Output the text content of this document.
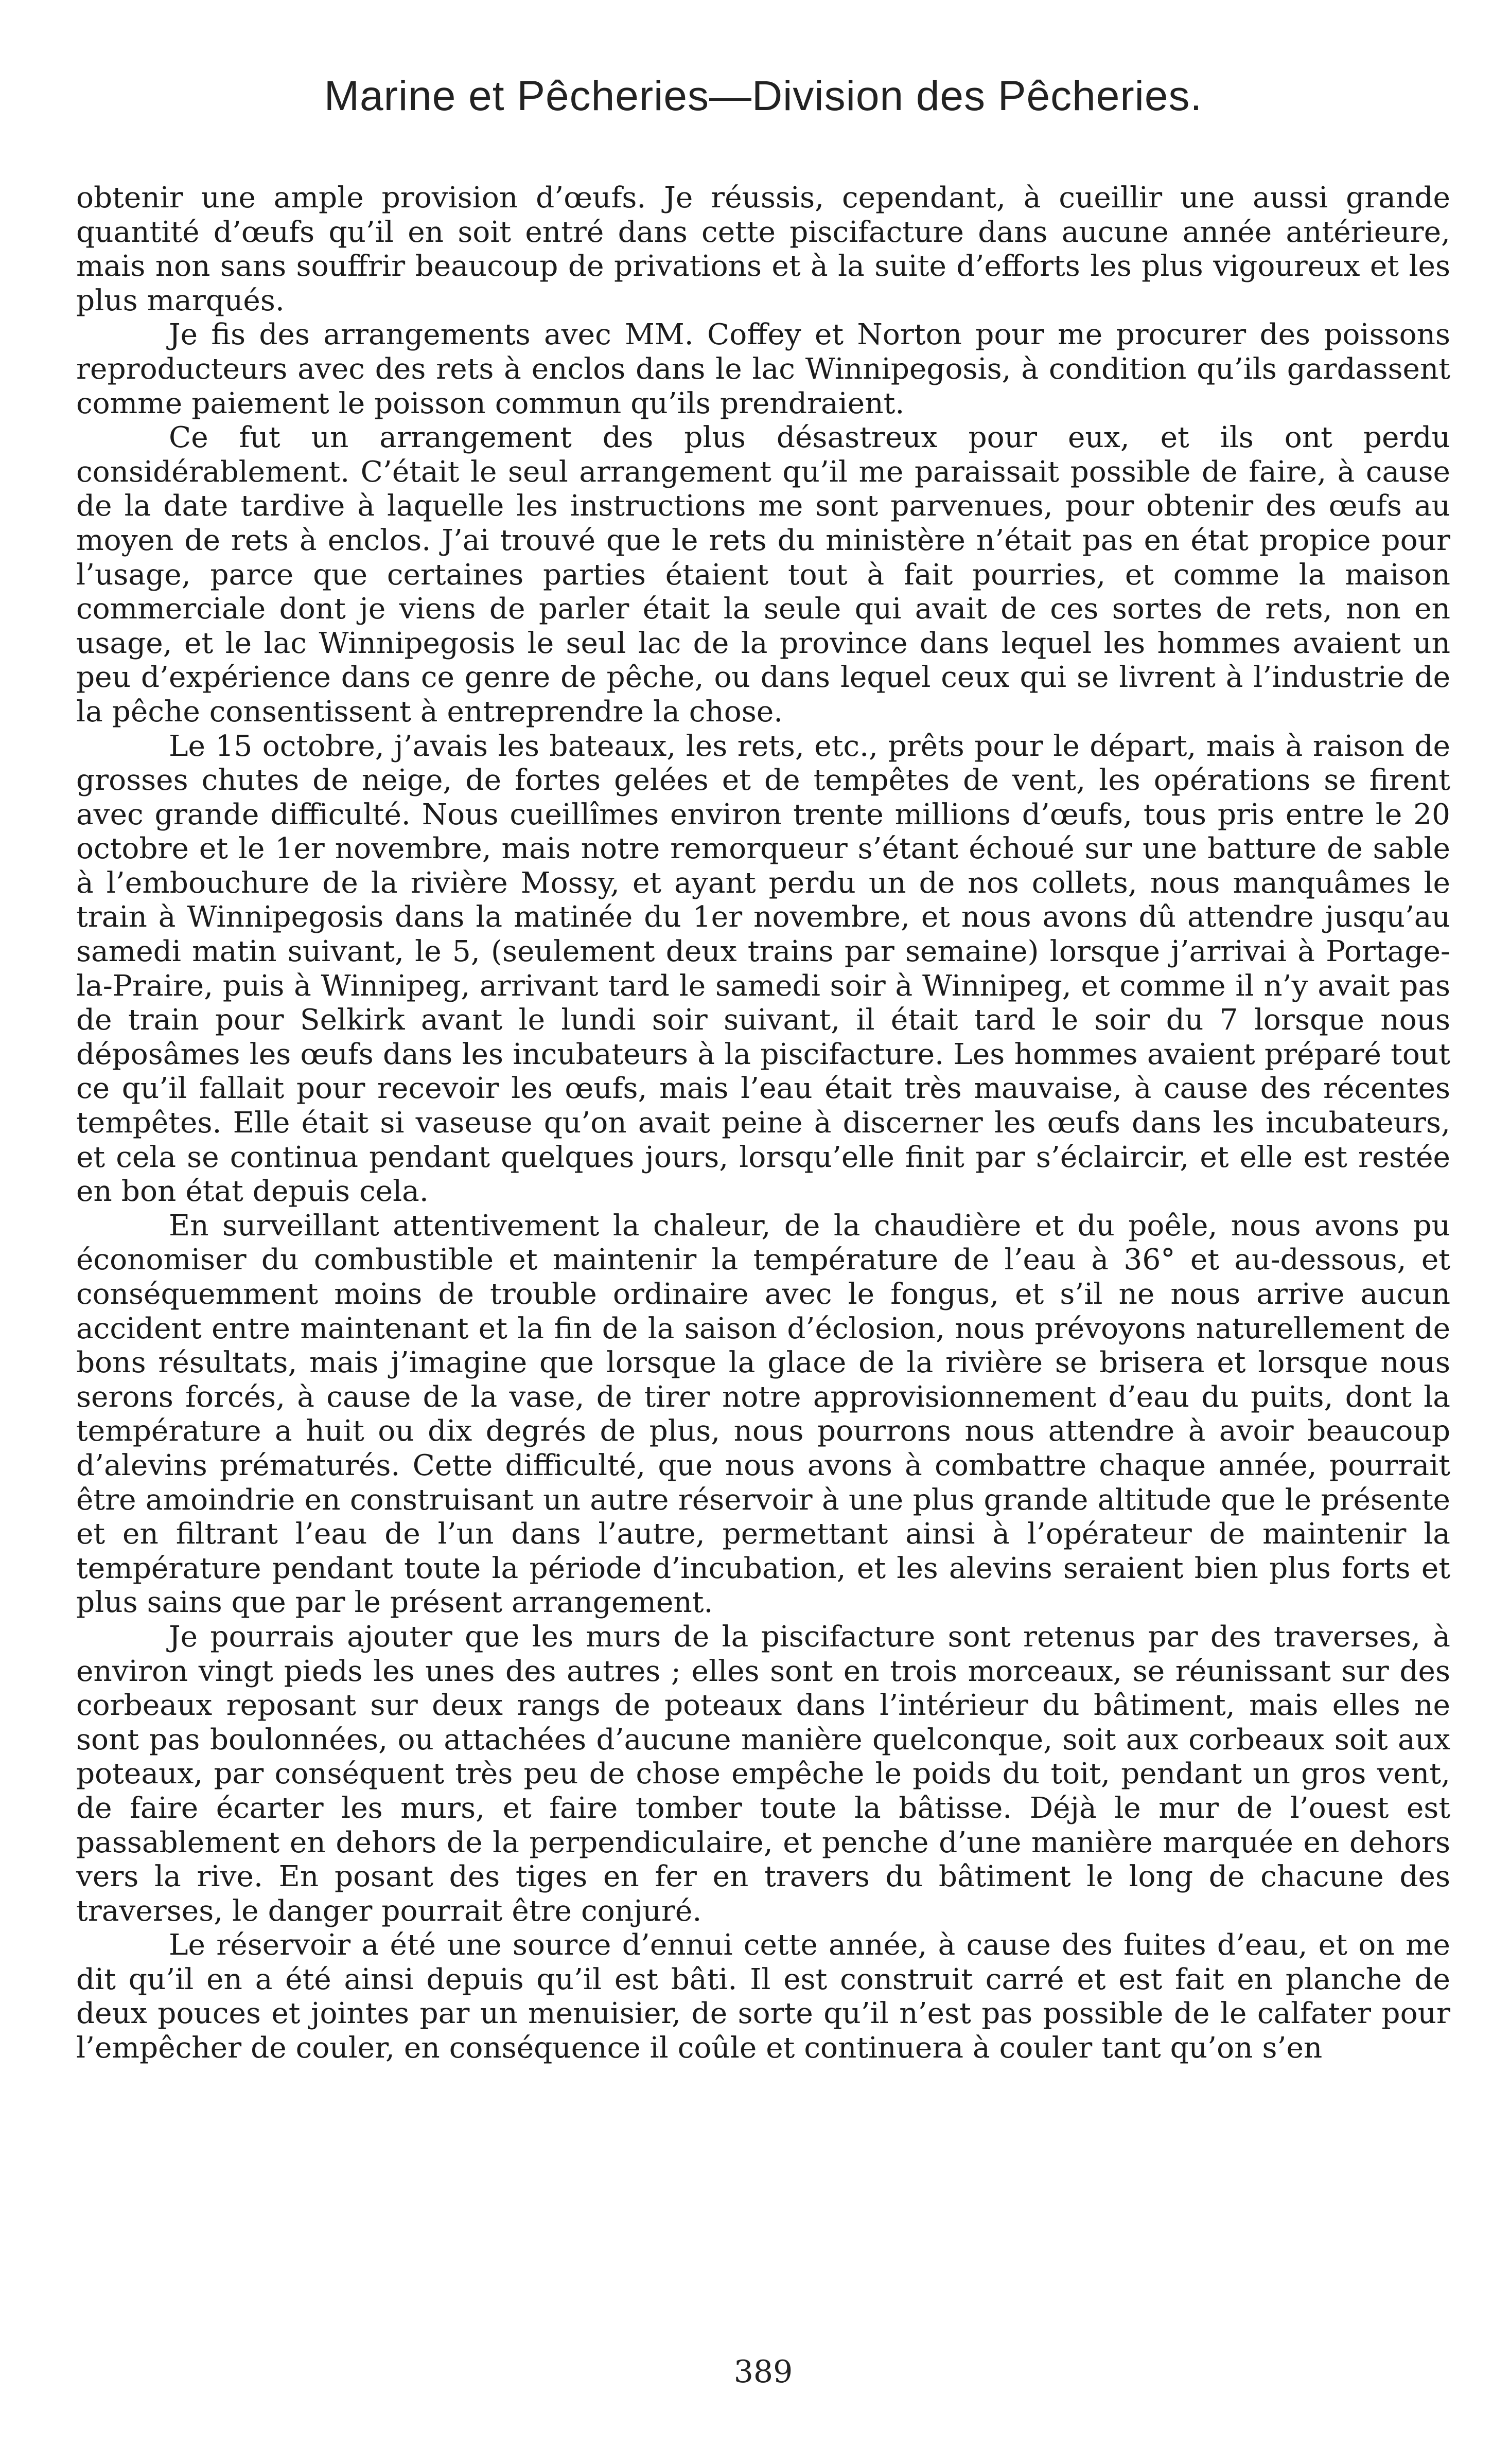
Marine et Pêcheries—Division des Pêcheries.

obtenir une ample provision d’œufs. Je réussis, cependant, à cueillir une aussi grande quantité d’œufs qu’il en soit entré dans cette piscifacture dans aucune année antérieure, mais non sans souffrir beaucoup de privations et à la suite d’efforts les plus vigoureux et les plus marqués.

Je fis des arrangements avec MM. Coffey et Norton pour me procurer des poissons reproducteurs avec des rets à enclos dans le lac Winnipegosis, à condition qu’ils gardassent comme paiement le poisson commun qu’ils prendraient.

Ce fut un arrangement des plus désastreux pour eux, et ils ont perdu considérablement. C’était le seul arrangement qu’il me paraissait possible de faire, à cause de la date tardive à laquelle les instructions me sont parvenues, pour obtenir des œufs au moyen de rets à enclos. J’ai trouvé que le rets du ministère n’était pas en état propice pour l’usage, parce que certaines parties étaient tout à fait pourries, et comme la maison commerciale dont je viens de parler était la seule qui avait de ces sortes de rets, non en usage, et le lac Winnipegosis le seul lac de la province dans lequel les hommes avaient un peu d’expérience dans ce genre de pêche, ou dans lequel ceux qui se livrent à l’industrie de la pêche consentissent à entreprendre la chose.

Le 15 octobre, j’avais les bateaux, les rets, etc., prêts pour le départ, mais à raison de grosses chutes de neige, de fortes gelées et de tempêtes de vent, les opérations se firent avec grande difficulté. Nous cueillîmes environ trente millions d’œufs, tous pris entre le 20 octobre et le 1er novembre, mais notre remorqueur s’étant échoué sur une batture de sable à l’embouchure de la rivière Mossy, et ayant perdu un de nos collets, nous manquâmes le train à Winnipegosis dans la matinée du 1er novembre, et nous avons dû attendre jusqu’au samedi matin suivant, le 5, (seulement deux trains par semaine) lorsque j’arrivai à Portage-la-Praire, puis à Winnipeg, arrivant tard le samedi soir à Winnipeg, et comme il n’y avait pas de train pour Selkirk avant le lundi soir suivant, il était tard le soir du 7 lorsque nous déposâmes les œufs dans les incubateurs à la piscifacture. Les hommes avaient préparé tout ce qu’il fallait pour recevoir les œufs, mais l’eau était très mauvaise, à cause des récentes tempêtes. Elle était si vaseuse qu’on avait peine à discerner les œufs dans les incubateurs, et cela se continua pendant quelques jours, lorsqu’elle finit par s’éclaircir, et elle est restée en bon état depuis cela.

En surveillant attentivement la chaleur, de la chaudière et du poêle, nous avons pu économiser du combustible et maintenir la température de l’eau à 36° et au-dessous, et conséquemment moins de trouble ordinaire avec le fongus, et s’il ne nous arrive aucun accident entre maintenant et la fin de la saison d’éclosion, nous prévoyons naturellement de bons résultats, mais j’imagine que lorsque la glace de la rivière se brisera et lorsque nous serons forcés, à cause de la vase, de tirer notre approvisionnement d’eau du puits, dont la température a huit ou dix degrés de plus, nous pourrons nous attendre à avoir beaucoup d’alevins prématurés. Cette difficulté, que nous avons à combattre chaque année, pourrait être amoindrie en construisant un autre réservoir à une plus grande altitude que le présente et en filtrant l’eau de l’un dans l’autre, permettant ainsi à l’opérateur de maintenir la température pendant toute la période d’incubation, et les alevins seraient bien plus forts et plus sains que par le présent arrangement.

Je pourrais ajouter que les murs de la piscifacture sont retenus par des traverses, à environ vingt pieds les unes des autres ; elles sont en trois morceaux, se réunissant sur des corbeaux reposant sur deux rangs de poteaux dans l’intérieur du bâtiment, mais elles ne sont pas boulonnées, ou attachées d’aucune manière quelconque, soit aux corbeaux soit aux poteaux, par conséquent très peu de chose empêche le poids du toit, pendant un gros vent, de faire écarter les murs, et faire tomber toute la bâtisse. Déjà le mur de l’ouest est passablement en dehors de la perpendiculaire, et penche d’une manière marquée en dehors vers la rive. En posant des tiges en fer en travers du bâtiment le long de chacune des traverses, le danger pourrait être conjuré.

Le réservoir a été une source d’ennui cette année, à cause des fuites d’eau, et on me dit qu’il en a été ainsi depuis qu’il est bâti. Il est construit carré et est fait en planche de deux pouces et jointes par un menuisier, de sorte qu’il n’est pas possible de le calfater pour l’empêcher de couler, en conséquence il coûle et continuera à couler tant qu’on s’en

389
